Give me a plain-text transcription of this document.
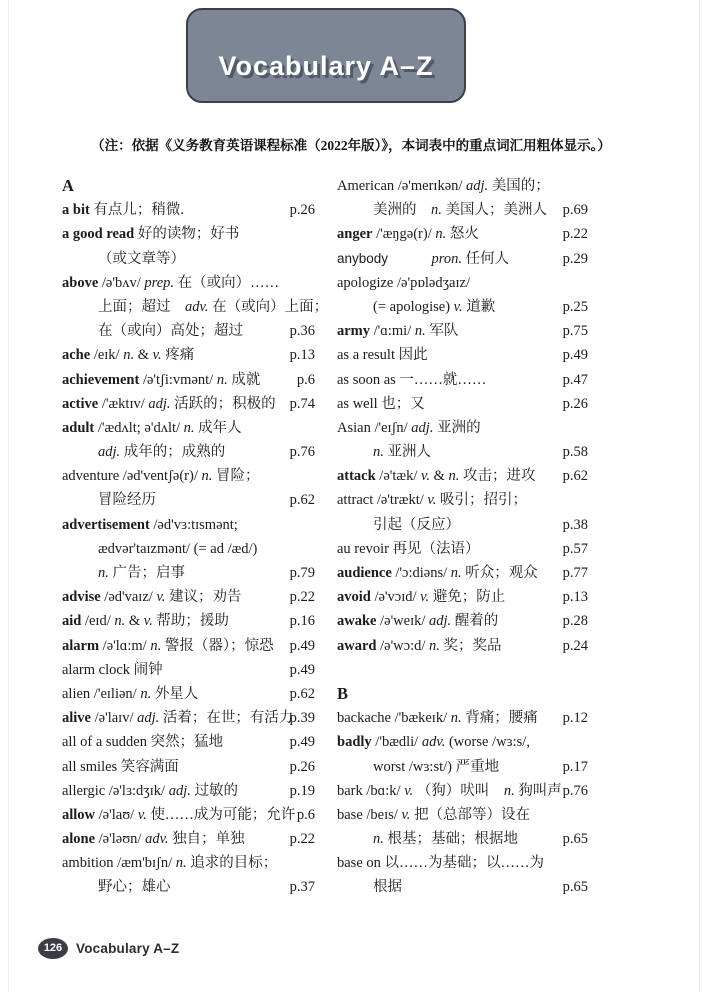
Vocabulary A–Z
（注：依据《义务教育英语课程标准（2022年版）》，本词表中的重点词汇用粗体显示。）
A
a bit 有点儿；稍微.	p.26
a good read 好的读物；好书
（或文章等）
above /ə'bʌv/ prep. 在（或向）……
上面；超过　adv. 在（或向）上面；
在（或向）高处；超过	p.36
ache /eɪk/ n. & v. 疼痛	p.13
achievement /ə'tʃi:vmənt/ n. 成就	p.6
active /'æktɪv/ adj. 活跃的；积极的 p.74
adult /'ædʌlt; ə'dʌlt/ n. 成年人
adj. 成年的；成熟的	p.76
adventure /əd'ventʃə(r)/ n. 冒险；
冒险经历	p.62
advertisement /əd'vɜ:tɪsmənt;
ædvər'taɪzmənt/ (= ad /æd/)
n. 广告；启事	p.79
advise /əd'vaɪz/ v. 建议；劝告	p.22
aid /eɪd/ n. & v. 帮助；援助	p.16
alarm /ə'lɑ:m/ n. 警报（器）；惊恐 p.49
alarm clock 闹钟	p.49
alien /'eɪliən/ n. 外星人	p.62
alive /ə'laɪv/ adj. 活着；在世；有活力
p.39
all of a sudden 突然；猛地	p.49
all smiles 笑容满面	p.26
allergic /ə'lɜ:dʒɪk/ adj. 过敏的	p.19
allow /ə'laʊ/ v. 使……成为可能；允许 p.6
alone /ə'ləʊn/ adv. 独自；单独	p.22
ambition /æm'bɪʃn/ n. 追求的目标；
野心；雄心	p.37
American /ə'merɪkən/ adj. 美国的；
美洲的　n. 美国人；美洲人 p.69
anger /'æŋgə(r)/ n. 怒火	p.22
anybody　　　	pron. 任何人	p.29
apologize /ə'pɒlədʒaɪz/
(= apologise) v. 道歉	p.25
army /'ɑ:mi/ n. 军队	p.75
as a result 因此	p.49
as soon as 一……就……	p.47
as well 也；又	p.26
Asian /'eɪʃn/ adj. 亚洲的
n. 亚洲人	p.58
attack /ə'tæk/ v. & n. 攻击；进攻 p.62
attract /ə'trækt/ v. 吸引；招引；
引起（反应）	p.38
au revoir 再见（法语）	p.57
audience /'ɔ:diəns/ n. 听众；观众 p.77
avoid /ə'vɔɪd/ v. 避免；防止	p.13
awake /ə'weɪk/ adj. 醒着的	p.28
award /ə'wɔ:d/ n. 奖；奖品	p.24
B
backache /'bækeɪk/ n. 背痛；腰痛 p.12
badly /'bædli/ adv. (worse /wɜ:s/,
worst /wɜ:st/) 严重地	p.17
bark /bɑ:k/ v. （狗）吠叫　n. 狗叫声 p.76
base /beɪs/ v. 把（总部等）设在
n. 根基；基础；根据地	p.65
base on 以……为基础；以……为
根据	p.65
126	Vocabulary A–Z
